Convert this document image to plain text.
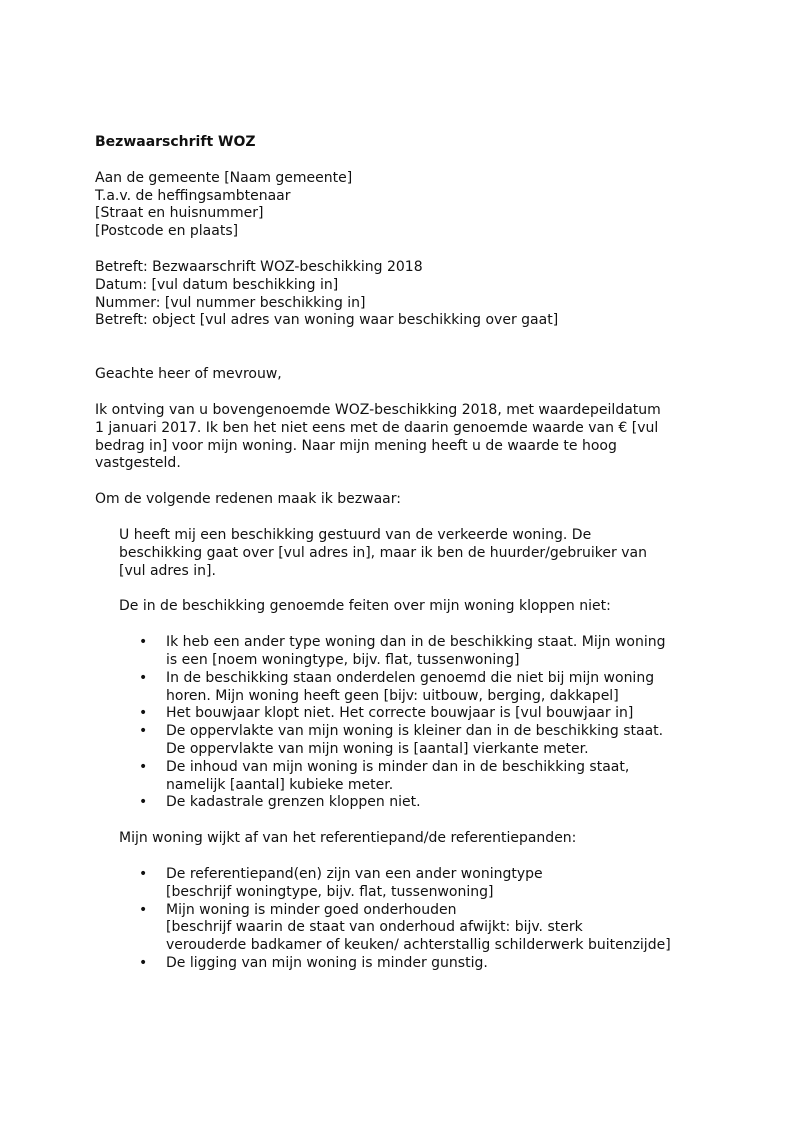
Bezwaarschrift WOZ
Aan de gemeente [Naam gemeente]
T.a.v. de heffingsambtenaar
[Straat en huisnummer]
[Postcode en plaats]
Betreft: Bezwaarschrift WOZ-beschikking 2018
Datum: [vul datum beschikking in]
Nummer: [vul nummer beschikking in]
Betreft: object [vul adres van woning waar beschikking over gaat]
Geachte heer of mevrouw,
Ik ontving van u bovengenoemde WOZ-beschikking 2018, met waardepeildatum
1 januari 2017. Ik ben het niet eens met de daarin genoemde waarde van € [vul
bedrag in] voor mijn woning. Naar mijn mening heeft u de waarde te hoog
vastgesteld.
Om de volgende redenen maak ik bezwaar:
U heeft mij een beschikking gestuurd van de verkeerde woning. De
beschikking gaat over [vul adres in], maar ik ben de huurder/gebruiker van
[vul adres in].
De in de beschikking genoemde feiten over mijn woning kloppen niet:
• Ik heb een ander type woning dan in de beschikking staat. Mijn woning
is een [noem woningtype, bijv. flat, tussenwoning]
• In de beschikking staan onderdelen genoemd die niet bij mijn woning
horen. Mijn woning heeft geen [bijv: uitbouw, berging, dakkapel]
• Het bouwjaar klopt niet. Het correcte bouwjaar is [vul bouwjaar in]
• De oppervlakte van mijn woning is kleiner dan in de beschikking staat.
De oppervlakte van mijn woning is [aantal] vierkante meter.
• De inhoud van mijn woning is minder dan in de beschikking staat,
namelijk [aantal] kubieke meter.
• De kadastrale grenzen kloppen niet.
Mijn woning wijkt af van het referentiepand/de referentiepanden:
• De referentiepand(en) zijn van een ander woningtype
[beschrijf woningtype, bijv. flat, tussenwoning]
• Mijn woning is minder goed onderhouden
[beschrijf waarin de staat van onderhoud afwijkt: bijv. sterk
verouderde badkamer of keuken/ achterstallig schilderwerk buitenzijde]
• De ligging van mijn woning is minder gunstig.
